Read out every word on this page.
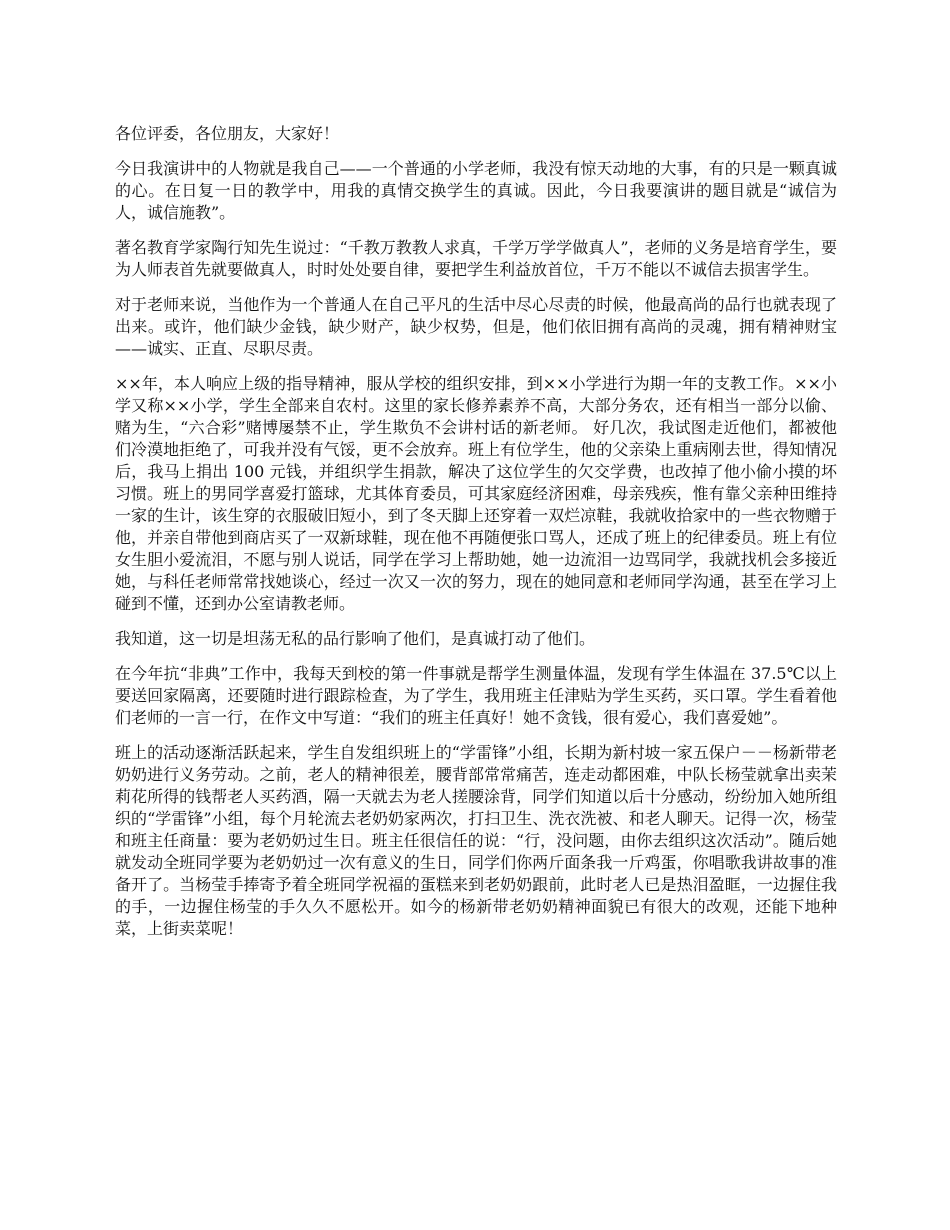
各位评委，各位朋友，大家好！

今日我演讲中的人物就是我自己——一个普通的小学老师，我没有惊天动地的大事，有的只是一颗真诚的心。在日复一日的教学中，用我的真情交换学生的真诚。因此，今日我要演讲的题目就是“诚信为人，诚信施教”。

著名教育学家陶行知先生说过：“千教万教教人求真，千学万学学做真人”，老师的义务是培育学生，要为人师表首先就要做真人，时时处处要自律，要把学生利益放首位，千万不能以不诚信去损害学生。

对于老师来说，当他作为一个普通人在自己平凡的生活中尽心尽责的时候，他最高尚的品行也就表现了出来。或许，他们缺少金钱，缺少财产，缺少权势，但是，他们依旧拥有高尚的灵魂，拥有精神财宝——诚实、正直、尽职尽责。

××年，本人响应上级的指导精神，服从学校的组织安排，到××小学进行为期一年的支教工作。××小学又称××小学，学生全部来自农村。这里的家长修养素养不高，大部分务农，还有相当一部分以偷、赌为生，“六合彩”赌博屡禁不止，学生欺负不会讲村话的新老师。 好几次，我试图走近他们，都被他们冷漠地拒绝了，可我并没有气馁，更不会放弃。班上有位学生，他的父亲染上重病刚去世，得知情况后，我马上捐出 100 元钱，并组织学生捐款，解决了这位学生的欠交学费，也改掉了他小偷小摸的坏习惯。班上的男同学喜爱打篮球，尤其体育委员，可其家庭经济困难，母亲残疾，惟有靠父亲种田维持一家的生计，该生穿的衣服破旧短小，到了冬天脚上还穿着一双烂凉鞋，我就收拾家中的一些衣物赠于他，并亲自带他到商店买了一双新球鞋，现在他不再随便张口骂人，还成了班上的纪律委员。班上有位女生胆小爱流泪，不愿与别人说话，同学在学习上帮助她，她一边流泪一边骂同学，我就找机会多接近她，与科任老师常常找她谈心，经过一次又一次的努力，现在的她同意和老师同学沟通，甚至在学习上碰到不懂，还到办公室请教老师。

我知道，这一切是坦荡无私的品行影响了他们，是真诚打动了他们。

在今年抗“非典”工作中，我每天到校的第一件事就是帮学生测量体温，发现有学生体温在 37.5℃以上要送回家隔离，还要随时进行跟踪检查，为了学生，我用班主任津贴为学生买药，买口罩。学生看着他们老师的一言一行，在作文中写道：“我们的班主任真好！她不贪钱，很有爱心，我们喜爱她”。

班上的活动逐渐活跃起来，学生自发组织班上的“学雷锋”小组，长期为新村坡一家五保户－－杨新带老奶奶进行义务劳动。之前，老人的精神很差，腰背部常常痛苦，连走动都困难，中队长杨莹就拿出卖茉莉花所得的钱帮老人买药酒，隔一天就去为老人搓腰涂背，同学们知道以后十分感动，纷纷加入她所组织的“学雷锋”小组，每个月轮流去老奶奶家两次，打扫卫生、洗衣洗被、和老人聊天。记得一次，杨莹和班主任商量：要为老奶奶过生日。班主任很信任的说：“行，没问题，由你去组织这次活动”。随后她就发动全班同学要为老奶奶过一次有意义的生日，同学们你两斤面条我一斤鸡蛋，你唱歌我讲故事的准备开了。当杨莹手捧寄予着全班同学祝福的蛋糕来到老奶奶跟前，此时老人已是热泪盈眶，一边握住我的手，一边握住杨莹的手久久不愿松开。如今的杨新带老奶奶精神面貌已有很大的改观，还能下地种菜，上街卖菜呢！
